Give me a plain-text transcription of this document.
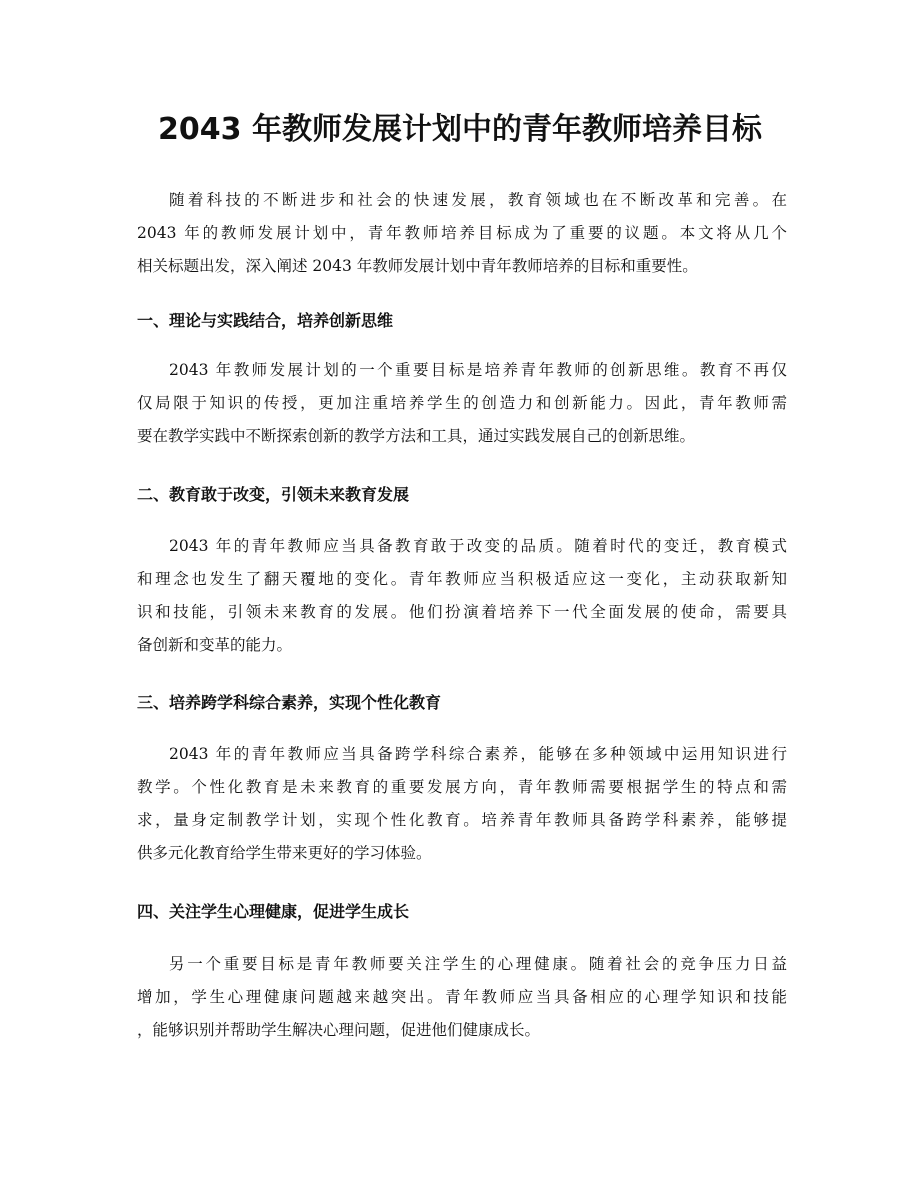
2043 年教师发展计划中的青年教师培养目标
随着科技的不断进步和社会的快速发展，教育领域也在不断改革和完善。在
2043 年的教师发展计划中，青年教师培养目标成为了重要的议题。本文将从几个
相关标题出发，深入阐述 2043 年教师发展计划中青年教师培养的目标和重要性。
一、理论与实践结合，培养创新思维
2043 年教师发展计划的一个重要目标是培养青年教师的创新思维。教育不再仅
仅局限于知识的传授，更加注重培养学生的创造力和创新能力。因此，青年教师需
要在教学实践中不断探索创新的教学方法和工具，通过实践发展自己的创新思维。
二、教育敢于改变，引领未来教育发展
2043 年的青年教师应当具备教育敢于改变的品质。随着时代的变迁，教育模式
和理念也发生了翻天覆地的变化。青年教师应当积极适应这一变化，主动获取新知
识和技能，引领未来教育的发展。他们扮演着培养下一代全面发展的使命，需要具
备创新和变革的能力。
三、培养跨学科综合素养，实现个性化教育
2043 年的青年教师应当具备跨学科综合素养，能够在多种领域中运用知识进行
教学。个性化教育是未来教育的重要发展方向，青年教师需要根据学生的特点和需
求，量身定制教学计划，实现个性化教育。培养青年教师具备跨学科素养，能够提
供多元化教育给学生带来更好的学习体验。
四、关注学生心理健康，促进学生成长
另一个重要目标是青年教师要关注学生的心理健康。随着社会的竞争压力日益
增加，学生心理健康问题越来越突出。青年教师应当具备相应的心理学知识和技能
，能够识别并帮助学生解决心理问题，促进他们健康成长。
